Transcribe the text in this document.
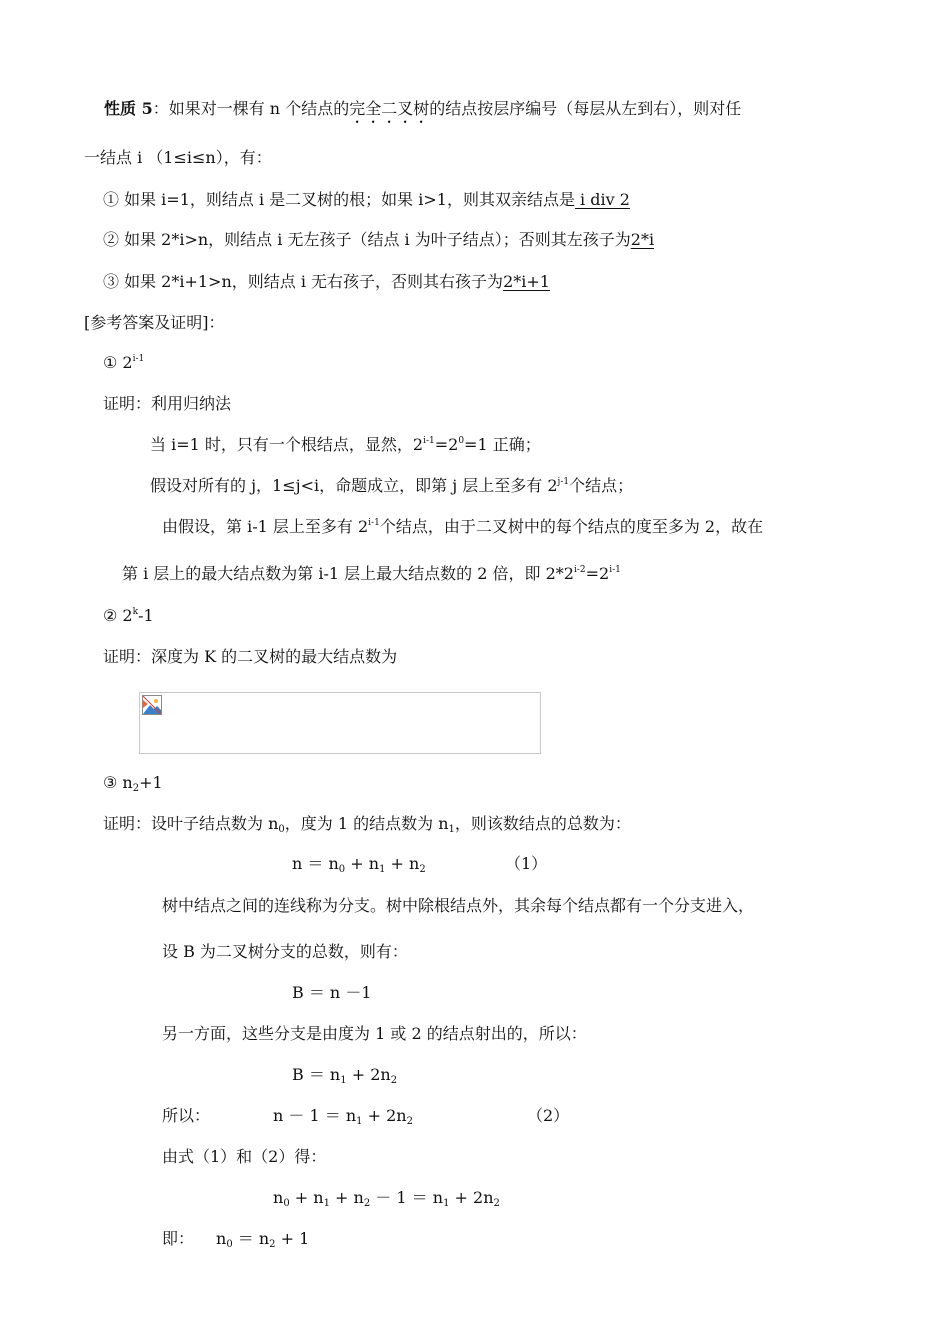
性质 5：如果对一棵有 n 个结点的完全二叉树的结点按层序编号（每层从左到右），则对任
一结点 i （1≤i≤n），有：
① 如果 i=1，则结点 i 是二叉树的根；如果 i>1，则其双亲结点是 i div 2
② 如果 2*i>n，则结点 i 无左孩子（结点 i 为叶子结点）；否则其左孩子为2*i
③ 如果 2*i+1>n，则结点 i 无右孩子，否则其右孩子为2*i+1
[参考答案及证明]：
① 2$^{i-1}$
证明：利用归纳法
当 i=1 时，只有一个根结点，显然，$2^{i-1}=2^0=1$ 正确；
假设对所有的 j，1≤j<i，命题成立，即第 j 层上至多有 2$^{j-1}$个结点；
由假设，第 i-1 层上至多有 2$^{i-1}$个结点，由于二叉树中的每个结点的度至多为 2，故在
第 i 层上的最大结点数为第 i-1 层上最大结点数的 2 倍，即 $2*2^{i-2}=2^{i-1}$
② 2$^k$-1
证明：深度为 K 的二叉树的最大结点数为
③ $n_2+1$
证明：设叶子结点数为 $n_0$，度为 1 的结点数为 $n_1$，则该数结点的总数为：
$n = n_0 + n_1 + n_2$	（1）
树中结点之间的连线称为分支。树中除根结点外，其余每个结点都有一个分支进入，
设 B 为二叉树分支的总数，则有：
B ＝ n －1
另一方面，这些分支是由度为 1 或 2 的结点射出的，所以：
$B = n_1 + 2n_2$
所以：	$n - 1 = n_1 + 2n_2$	（2）
由式（1）和（2）得：
$n_0 + n_1 + n_2 - 1 = n_1 + 2n_2$
即： $n_0 = n_2 + 1$
